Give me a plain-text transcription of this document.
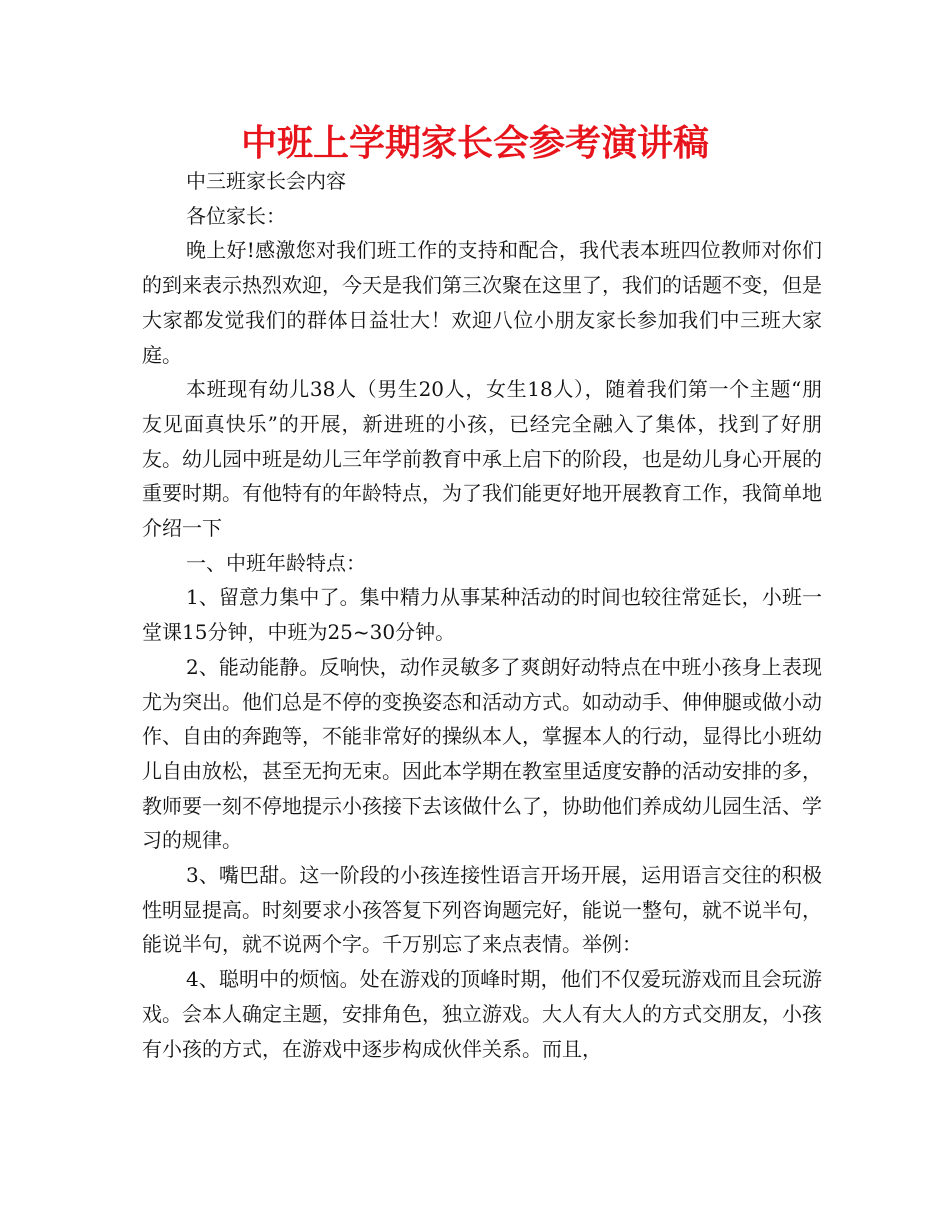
中班上学期家长会参考演讲稿

中三班家长会内容

各位家长：

晚上好!感激您对我们班工作的支持和配合，我代表本班四位教师对你们的到来表示热烈欢迎，今天是我们第三次聚在这里了，我们的话题不变，但是大家都发觉我们的群体日益壮大！欢迎八位小朋友家长参加我们中三班大家庭。

本班现有幼儿38人（男生20人，女生18人），随着我们第一个主题“朋友见面真快乐”的开展，新进班的小孩，已经完全融入了集体，找到了好朋友。幼儿园中班是幼儿三年学前教育中承上启下的阶段，也是幼儿身心开展的重要时期。有他特有的年龄特点，为了我们能更好地开展教育工作，我简单地介绍一下

一、中班年龄特点：

1、留意力集中了。集中精力从事某种活动的时间也较往常延长，小班一堂课15分钟，中班为25~30分钟。

2、能动能静。反响快，动作灵敏多了爽朗好动特点在中班小孩身上表现尤为突出。他们总是不停的变换姿态和活动方式。如动动手、伸伸腿或做小动作、自由的奔跑等，不能非常好的操纵本人，掌握本人的行动，显得比小班幼儿自由放松，甚至无拘无束。因此本学期在教室里适度安静的活动安排的多，教师要一刻不停地提示小孩接下去该做什么了，协助他们养成幼儿园生活、学习的规律。

3、嘴巴甜。这一阶段的小孩连接性语言开场开展，运用语言交往的积极性明显提高。时刻要求小孩答复下列咨询题完好，能说一整句，就不说半句，能说半句，就不说两个字。千万别忘了来点表情。举例：

4、聪明中的烦恼。处在游戏的顶峰时期，他们不仅爱玩游戏而且会玩游戏。会本人确定主题，安排角色，独立游戏。大人有大人的方式交朋友，小孩有小孩的方式，在游戏中逐步构成伙伴关系。而且，
